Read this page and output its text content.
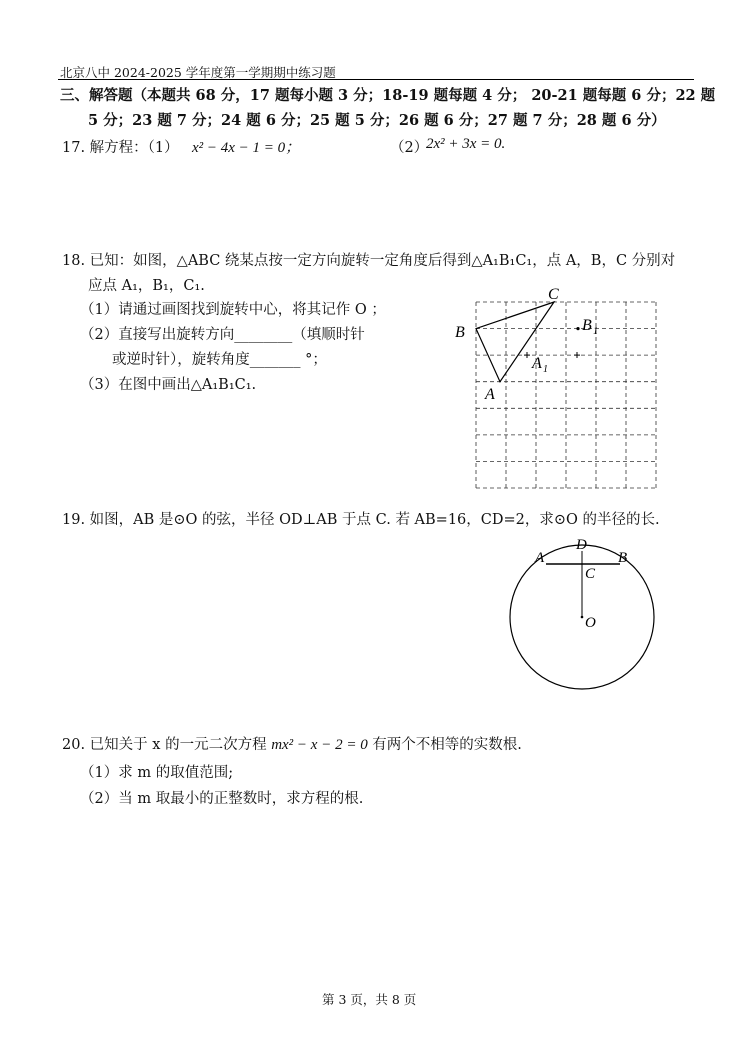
北京八中 2024-2025 学年度第一学期期中练习题
三、解答题（本题共 68 分，17 题每小题 3 分；18-19 题每题 4 分； 20-21 题每题 6 分；22 题
5 分；23 题 7 分；24 题 6 分；25 题 5 分；26 题 6 分；27 题 7 分；28 题 6 分）
17. 解方程：（1） x² − 4x − 1 = 0；	（2）
2x² + 3x = 0.
18. 已知：如图，△ABC 绕某点按一定方向旋转一定角度后得到△A₁B₁C₁，点 A，B，C 分别对
应点 A₁，B₁，C₁.
（1）请通过画图找到旋转中心，将其记作 O ；
（2）直接写出旋转方向________（填顺时针
或逆时针），旋转角度_______ °；
（3）在图中画出△A₁B₁C₁.
C
B
A
B 1
A 1
19. 如图，AB 是⊙O 的弦，半径 OD⊥AB 于点 C. 若 AB=16，CD=2，求⊙O 的半径的长.
A	B
D
C
O
20. 已知关于 x 的一元二次方程 mx² − x − 2 = 0 有两个不相等的实数根.
（1）求 m 的取值范围;
（2）当 m 取最小的正整数时，求方程的根.
第 3 页，共 8 页
